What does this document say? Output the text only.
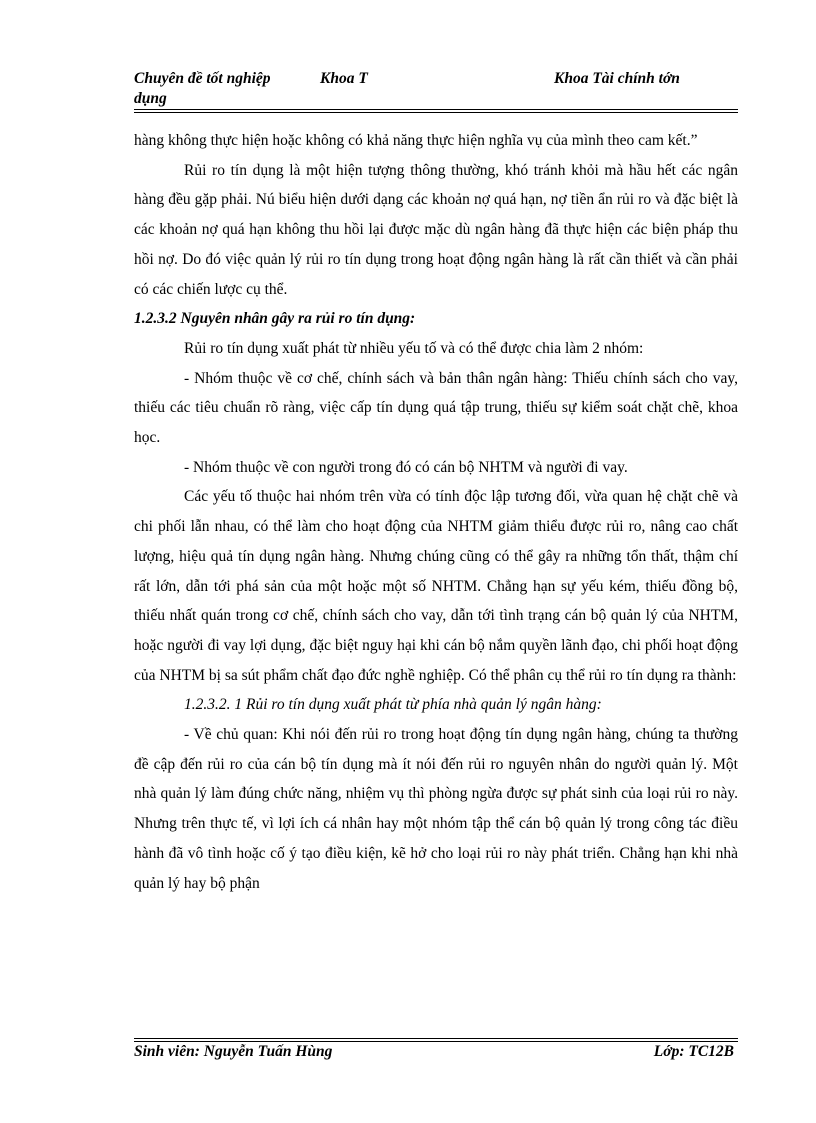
Chuyên đề tốt nghiệp	Khoa T	Khoa Tài chính tớn
dụng

hàng không thực hiện hoặc không có khả năng thực hiện nghĩa vụ của mình theo cam kết.”

Rủi ro tín dụng là một hiện tượng thông thường, khó tránh khỏi mà hầu hết các ngân hàng đều gặp phải. Nú biểu hiện dưới dạng các khoản nợ quá hạn, nợ tiền ẩn rủi ro và đặc biệt là các khoản nợ quá hạn không thu hồi lại được mặc dù ngân hàng đã thực hiện các biện pháp thu hồi nợ. Do đó việc quản lý rủi ro tín dụng trong hoạt động ngân hàng là rất cần thiết và cần phải có các chiến lược cụ thể.

1.2.3.2 Nguyên nhân gây ra rủi ro tín dụng:

Rủi ro tín dụng xuất phát từ nhiều yếu tố và có thể được chia làm 2 nhóm:

- Nhóm thuộc về cơ chế, chính sách và bản thân ngân hàng: Thiếu chính sách cho vay, thiếu các tiêu chuẩn rõ ràng, việc cấp tín dụng quá tập trung, thiếu sự kiểm soát chặt chẽ, khoa học.

- Nhóm thuộc về con người trong đó có cán bộ NHTM và người đi vay.

Các yếu tố thuộc hai nhóm trên vừa có tính độc lập tương đối, vừa quan hệ chặt chẽ và chi phối lẫn nhau, có thể làm cho hoạt động của NHTM giảm thiểu được rủi ro, nâng cao chất lượng, hiệu quả tín dụng ngân hàng. Nhưng chúng cũng có thể gây ra những tổn thất, thậm chí rất lớn, dẫn tới phá sản của một hoặc một số NHTM. Chẳng hạn sự yếu kém, thiếu đồng bộ, thiếu nhất quán trong cơ chế, chính sách cho vay, dẫn tới tình trạng cán bộ quản lý của NHTM, hoặc người đi vay lợi dụng, đặc biệt nguy hại khi cán bộ nắm quyền lãnh đạo, chi phối hoạt động của NHTM bị sa sút phẩm chất đạo đức nghề nghiệp. Có thể phân cụ thể rủi ro tín dụng ra thành:

1.2.3.2. 1 Rủi ro tín dụng xuất phát từ phía nhà quản lý ngân hàng:

- Về chủ quan: Khi nói đến rủi ro trong hoạt động tín dụng ngân hàng, chúng ta thường đề cập đến rủi ro của cán bộ tín dụng mà ít nói đến rủi ro nguyên nhân do người quản lý. Một nhà quản lý làm đúng chức năng, nhiệm vụ thì phòng ngừa được sự phát sinh của loại rủi ro này. Nhưng trên thực tế, vì lợi ích cá nhân hay một nhóm tập thể cán bộ quản lý trong công tác điều hành đã vô tình hoặc cố ý tạo điều kiện, kẽ hở cho loại rủi ro này phát triển. Chẳng hạn khi nhà quản lý hay bộ phận

Sinh viên: Nguyễn Tuấn Hùng	Lớp: TC12B
